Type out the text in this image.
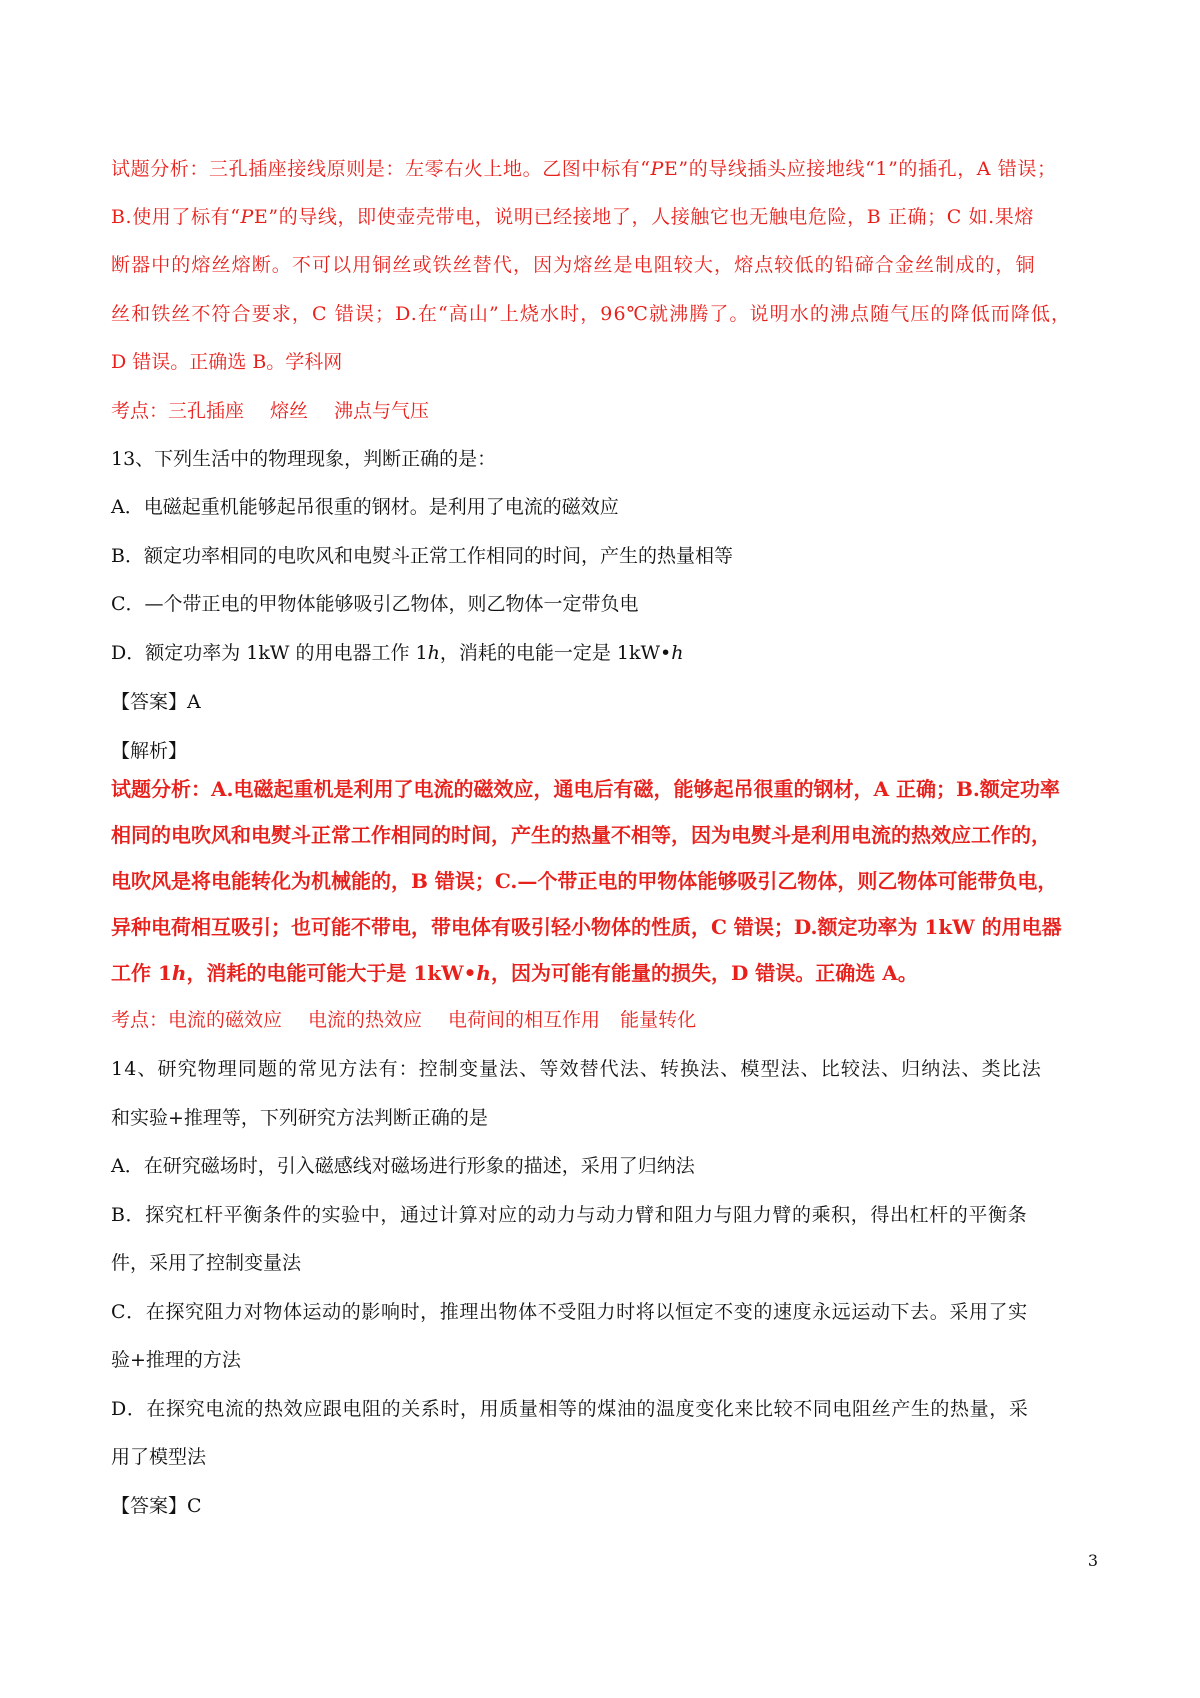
试题分析：三孔插座接线原则是：左零右火上地。乙图中标有“PE”的导线插头应接地线“1”的插孔，A 错误；
B.使用了标有“PE”的导线，即使壶壳带电，说明已经接地了，人接触它也无触电危险，B 正确；C 如.果熔
断器中的熔丝熔断。不可以用铜丝或铁丝替代，因为熔丝是电阻较大，熔点较低的铅碲合金丝制成的，铜
丝和铁丝不符合要求，C 错误；D.在“高山”上烧水时，96℃就沸腾了。说明水的沸点随气压的降低而降低，
D 错误。正确选 B。学科网
考点：三孔插座 熔丝 沸点与气压
13、下列生活中的物理现象，判断正确的是：
A．电磁起重机能够起吊很重的钢材。是利用了电流的磁效应
B．额定功率相同的电吹风和电熨斗正常工作相同的时间，产生的热量相等
C．—个带正电的甲物体能够吸引乙物体，则乙物体一定带负电
D．额定功率为 1kW 的用电器工作 1h，消耗的电能一定是 1kW•h
【答案】A
【解析】
试题分析：A.电磁起重机是利用了电流的磁效应，通电后有磁，能够起吊很重的钢材，A 正确；B.额定功率
相同的电吹风和电熨斗正常工作相同的时间，产生的热量不相等，因为电熨斗是利用电流的热效应工作的，
电吹风是将电能转化为机械能的，B 错误；C.—个带正电的甲物体能够吸引乙物体，则乙物体可能带负电，
异种电荷相互吸引；也可能不带电，带电体有吸引轻小物体的性质，C 错误；D.额定功率为 1kW 的用电器
工作 1h，消耗的电能可能大于是 1kW•h，因为可能有能量的损失，D 错误。正确选 A。
考点：电流的磁效应 电流的热效应 电荷间的相互作用 能量转化
14、研究物理同题的常见方法有：控制变量法、等效替代法、转换法、模型法、比较法、归纳法、类比法
和实验+推理等，下列研究方法判断正确的是
A．在研究磁场时，引入磁感线对磁场进行形象的描述，采用了归纳法
B．探究杠杆平衡条件的实验中，通过计算对应的动力与动力臂和阻力与阻力臂的乘积，得出杠杆的平衡条
件，采用了控制变量法
C．在探究阻力对物体运动的影响时，推理出物体不受阻力时将以恒定不变的速度永远运动下去。采用了实
验+推理的方法
D．在探究电流的热效应跟电阻的关系时，用质量相等的煤油的温度变化来比较不同电阻丝产生的热量，采
用了模型法
【答案】C
3
